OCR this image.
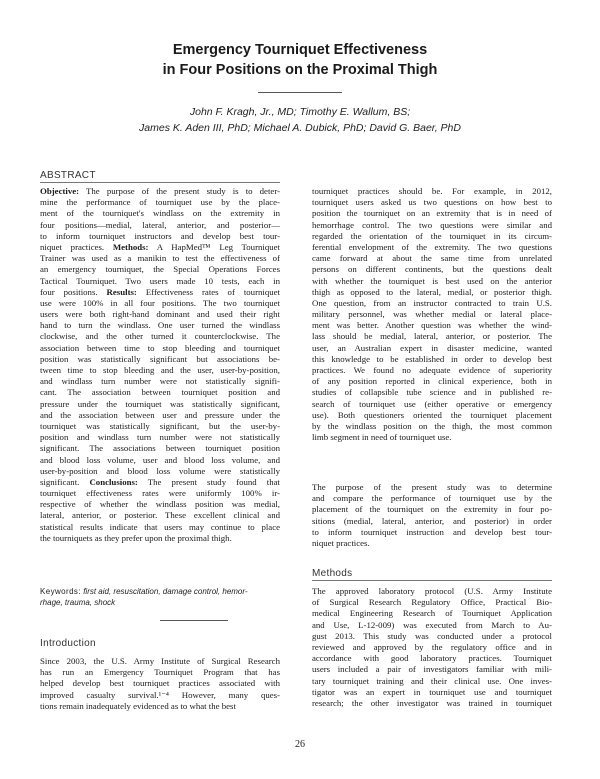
Emergency Tourniquet Effectiveness
in Four Positions on the Proximal Thigh
John F. Kragh, Jr., MD; Timothy E. Wallum, BS;
James K. Aden III, PhD; Michael A. Dubick, PhD; David G. Baer, PhD
ABSTRACT
Objective: The purpose of the present study is to deter-
mine the performance of tourniquet use by the place-
ment of the tourniquet's windlass on the extremity in
four positions—medial, lateral, anterior, and posterior—
to inform tourniquet instructors and develop best tour-
niquet practices. Methods: A HapMed™ Leg Tourniquet
Trainer was used as a manikin to test the effectiveness of
an emergency tourniquet, the Special Operations Forces
Tactical Tourniquet. Two users made 10 tests, each in
four positions. Results: Effectiveness rates of tourniquet
use were 100% in all four positions. The two tourniquet
users were both right-hand dominant and used their right
hand to turn the windlass. One user turned the windlass
clockwise, and the other turned it counterclockwise. The
association between time to stop bleeding and tourniquet
position was statistically significant but associations be-
tween time to stop bleeding and the user, user-by-position,
and windlass turn number were not statistically signifi-
cant. The association between tourniquet position and
pressure under the tourniquet was statistically significant,
and the association between user and pressure under the
tourniquet was statistically significant, but the user-by-
position and windlass turn number were not statistically
significant. The associations between tourniquet position
and blood loss volume, user and blood loss volume, and
user-by-position and blood loss volume were statistically
significant. Conclusions: The present study found that
tourniquet effectiveness rates were uniformly 100% ir-
respective of whether the windlass position was medial,
lateral, anterior, or posterior. These excellent clinical and
statistical results indicate that users may continue to place
the tourniquets as they prefer upon the proximal thigh.
Keywords: first aid, resuscitation, damage control, hemor-
rhage, trauma, shock
Introduction
Since 2003, the U.S. Army Institute of Surgical Research
has run an Emergency Tourniquet Program that has
helped develop best tourniquet practices associated with
improved casualty survival.¹⁻⁴ However, many ques-
tions remain inadequately evidenced as to what the best
tourniquet practices should be. For example, in 2012,
tourniquet users asked us two questions on how best to
position the tourniquet on an extremity that is in need of
hemorrhage control. The two questions were similar and
regarded the orientation of the tourniquet in its circum-
ferential envelopment of the extremity. The two questions
came forward at about the same time from unrelated
persons on different continents, but the questions dealt
with whether the tourniquet is best used on the anterior
thigh as opposed to the lateral, medial, or posterior thigh.
One question, from an instructor contracted to train U.S.
military personnel, was whether medial or lateral place-
ment was better. Another question was whether the wind-
lass should be medial, lateral, anterior, or posterior. The
user, an Australian expert in disaster medicine, wanted
this knowledge to be established in order to develop best
practices. We found no adequate evidence of superiority
of any position reported in clinical experience, both in
studies of collapsible tube science and in published re-
search of tourniquet use (either operative or emergency
use). Both questioners oriented the tourniquet placement
by the windlass position on the thigh, the most common
limb segment in need of tourniquet use.
The purpose of the present study was to determine
and compare the performance of tourniquet use by the
placement of the tourniquet on the extremity in four po-
sitions (medial, lateral, anterior, and posterior) in order
to inform tourniquet instruction and develop best tour-
niquet practices.
Methods
The approved laboratory protocol (U.S. Army Institute
of Surgical Research Regulatory Office, Practical Bio-
medical Engineering Research of Tourniquet Application
and Use, L-12-009) was executed from March to Au-
gust 2013. This study was conducted under a protocol
reviewed and approved by the regulatory office and in
accordance with good laboratory practices. Tourniquet
users included a pair of investigators familiar with mili-
tary tourniquet training and their clinical use. One inves-
tigator was an expert in tourniquet use and tourniquet
research; the other investigator was trained in tourniquet
26
